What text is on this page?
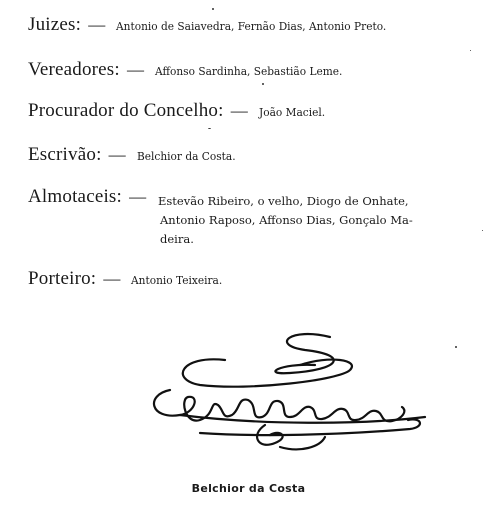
Juizes: — Antonio de Saiavedra, Fernão Dias, Antonio Preto.
Vereadores: — Affonso Sardinha, Sebastião Leme.
Procurador do Concelho: — João Maciel.
Escrivão: — Belchior da Costa.
Almotaceis: —	Estevão Ribeiro, o velho, Diogo de Onhate,
Antonio Raposo, Affonso Dias, Gonçalo Ma-
deira.
Porteiro: — Antonio Teixeira.
Belchior da Costa
